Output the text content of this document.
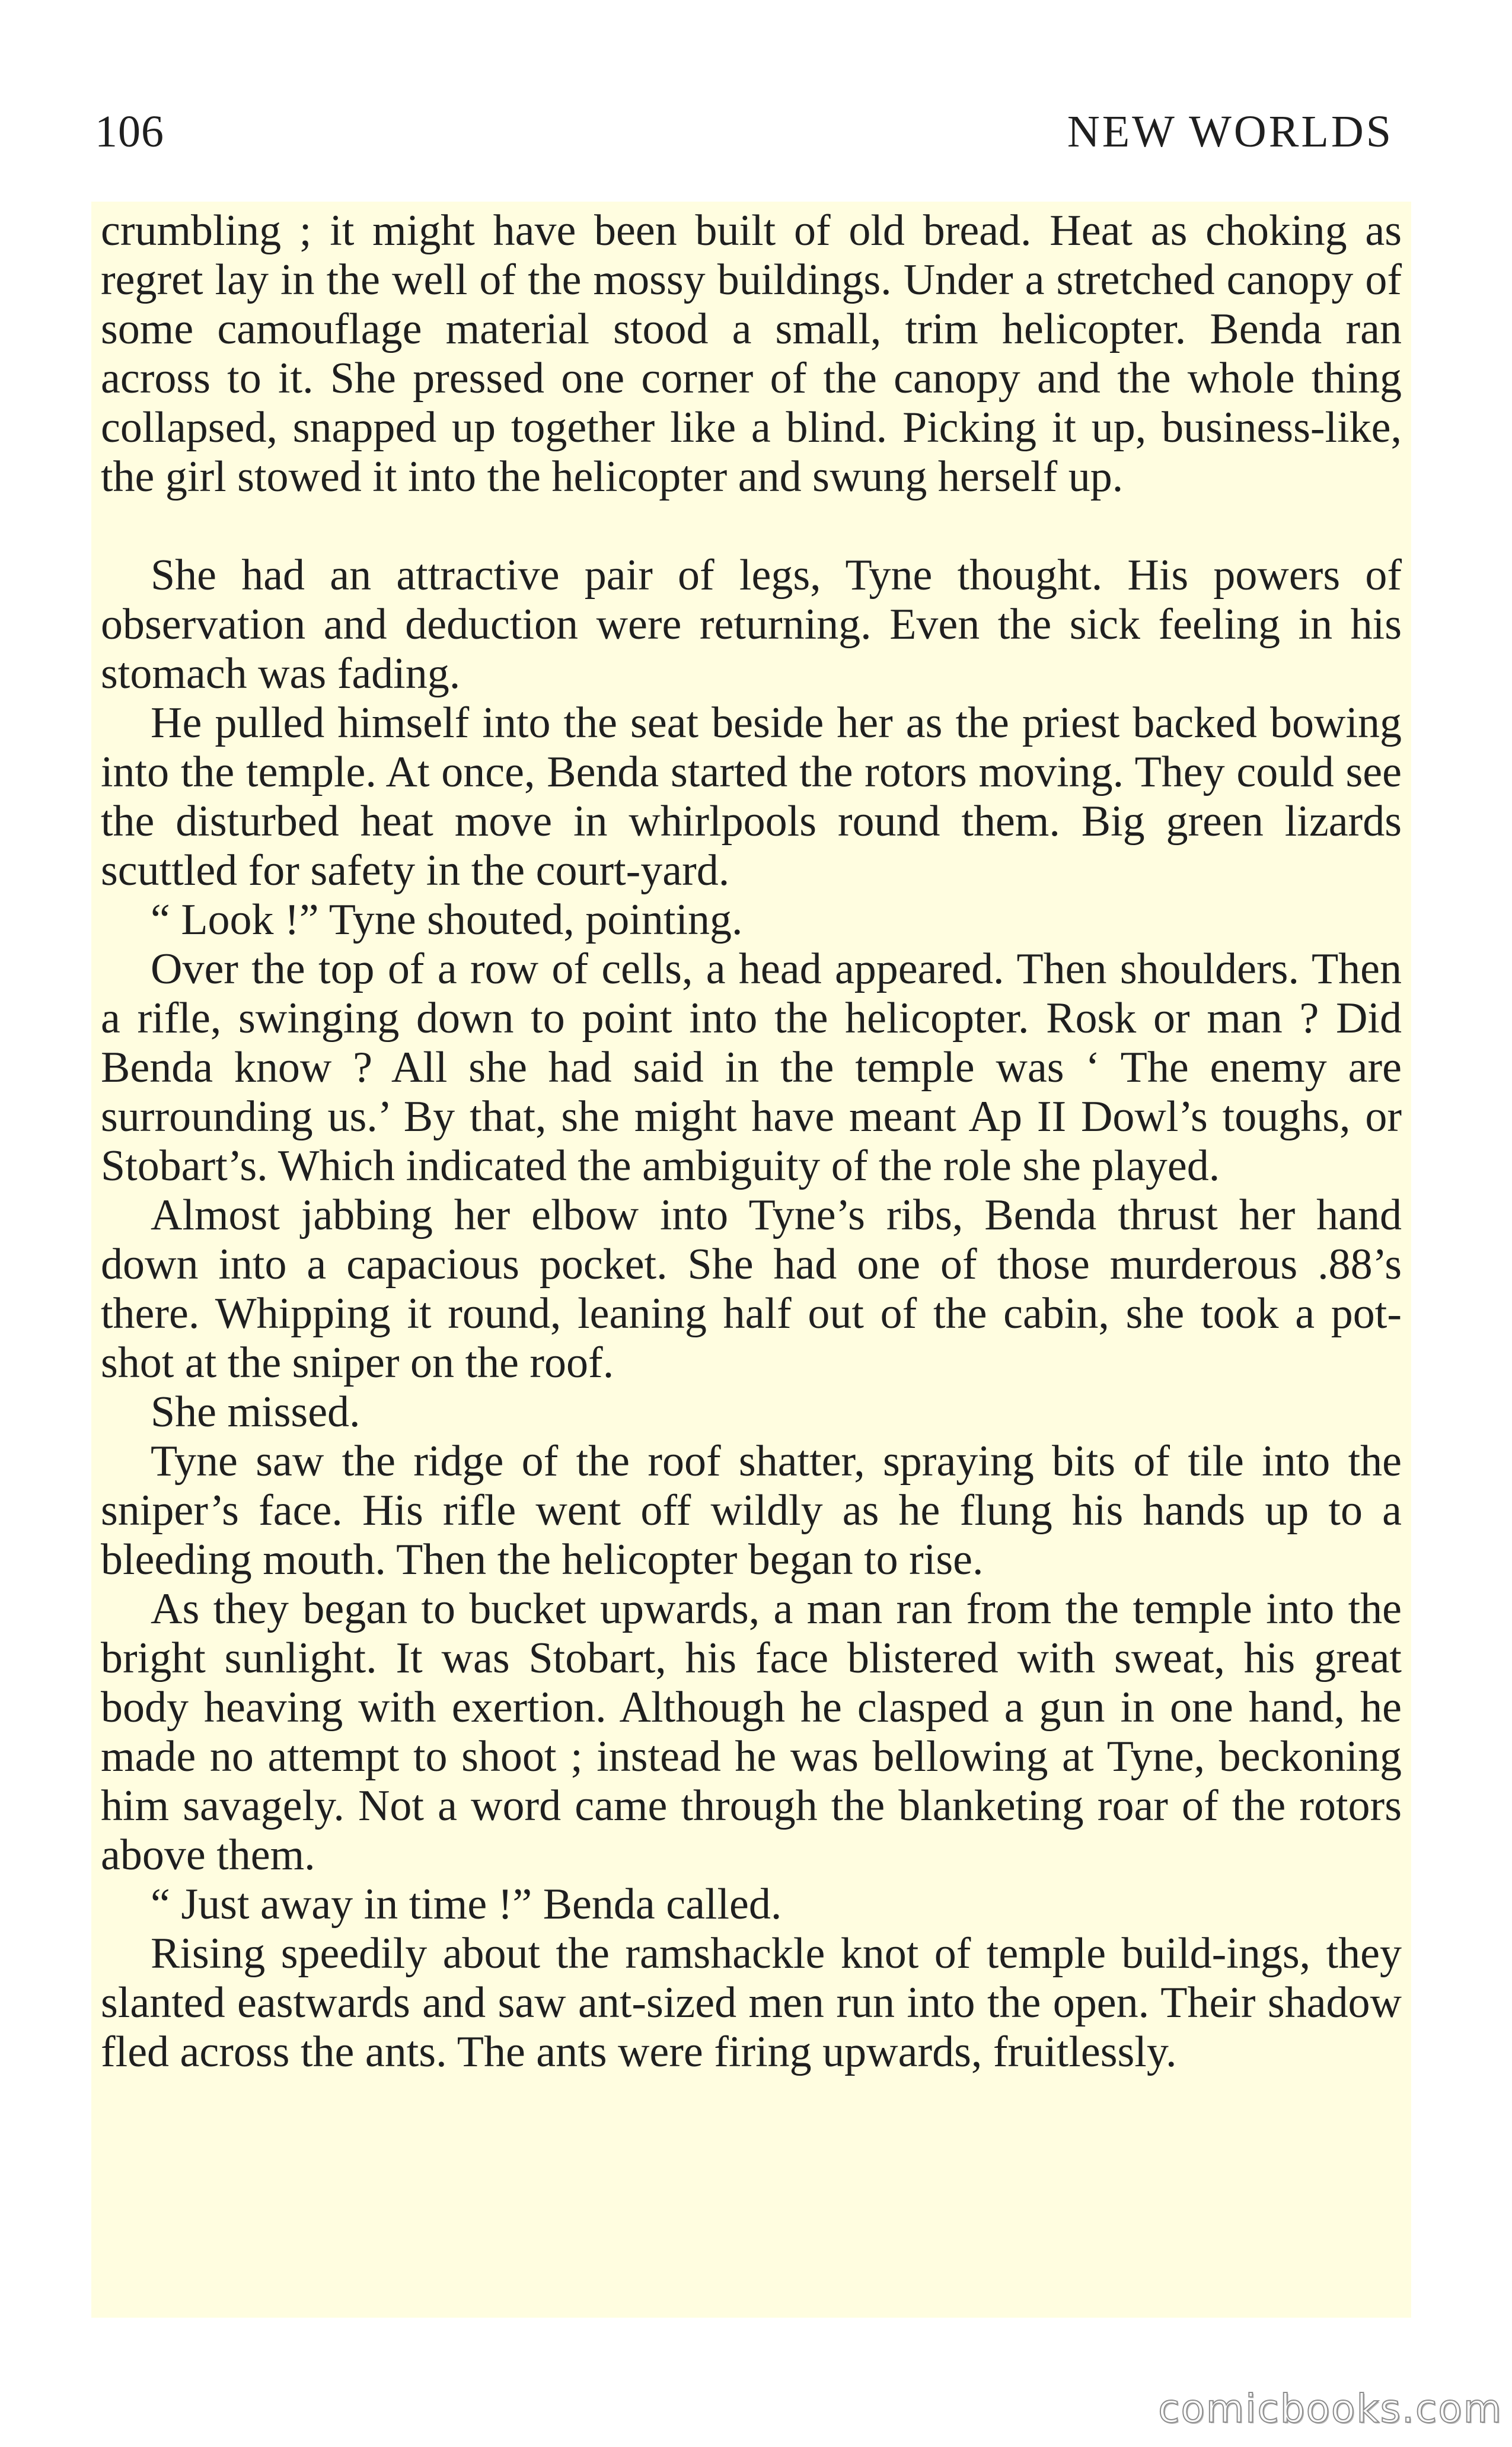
106	NEW WORLDS

crumbling ; it might have been built of old bread. Heat as choking as regret lay in the well of the mossy buildings. Under a stretched canopy of some camouflage material stood a small, trim helicopter. Benda ran across to it. She pressed one corner of the canopy and the whole thing collapsed, snapped up together like a blind. Picking it up, business-like, the girl stowed it into the helicopter and swung herself up.

She had an attractive pair of legs, Tyne thought. His powers of observation and deduction were returning. Even the sick feeling in his stomach was fading.

He pulled himself into the seat beside her as the priest backed bowing into the temple. At once, Benda started the rotors moving. They could see the disturbed heat move in whirlpools round them. Big green lizards scuttled for safety in the court-yard.

“ Look !” Tyne shouted, pointing.

Over the top of a row of cells, a head appeared. Then shoulders. Then a rifle, swinging down to point into the helicopter. Rosk or man ? Did Benda know ? All she had said in the temple was ‘ The enemy are surrounding us.’ By that, she might have meant Ap II Dowl’s toughs, or Stobart’s. Which indicated the ambiguity of the role she played.

Almost jabbing her elbow into Tyne’s ribs, Benda thrust her hand down into a capacious pocket. She had one of those murderous .88’s there. Whipping it round, leaning half out of the cabin, she took a pot-shot at the sniper on the roof.

She missed.

Tyne saw the ridge of the roof shatter, spraying bits of tile into the sniper’s face. His rifle went off wildly as he flung his hands up to a bleeding mouth. Then the helicopter began to rise.

As they began to bucket upwards, a man ran from the temple into the bright sunlight. It was Stobart, his face blistered with sweat, his great body heaving with exertion. Although he clasped a gun in one hand, he made no attempt to shoot ; instead he was bellowing at Tyne, beckoning him savagely. Not a word came through the blanketing roar of the rotors above them.

“ Just away in time !” Benda called.

Rising speedily about the ramshackle knot of temple build-ings, they slanted eastwards and saw ant-sized men run into the open. Their shadow fled across the ants. The ants were firing upwards, fruitlessly.

comicbooks.com
